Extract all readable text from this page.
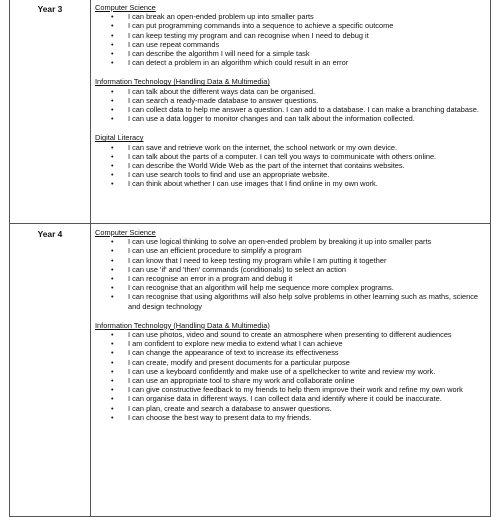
Year 3	Computer Science
• I can break an open-ended problem up into smaller parts
• I can put programming commands into a sequence to achieve a specific outcome
• I can keep testing my program and can recognise when I need to debug it
• I can use repeat commands
• I can describe the algorithm I will need for a simple task
• I can detect a problem in an algorithm which could result in an error
Information Technology (Handling Data & Multimedia)
• I can talk about the different ways data can be organised.
• I can search a ready-made database to answer questions.
• I can collect data to help me answer a question. I can add to a database. I can make a branching database.
• I can use a data logger to monitor changes and can talk about the information collected.
Digital Literacy
• I can save and retrieve work on the internet, the school network or my own device.
• I can talk about the parts of a computer. I can tell you ways to communicate with others online.
• I can describe the World Wide Web as the part of the internet that contains websites.
• I can use search tools to find and use an appropriate website.
• I can think about whether I can use images that I find online in my own work.
Year 4	Computer Science
• I can use logical thinking to solve an open-ended problem by breaking it up into smaller parts
• I can use an efficient procedure to simplify a program
• I can know that I need to keep testing my program while I am putting it together
• I can use 'if' and 'then' commands (conditionals) to select an action
• I can recognise an error in a program and debug it
• I can recognise that an algorithm will help me sequence more complex programs.
• I can recognise that using algorithms will also help solve problems in other learning such as maths, science and design technology
Information Technology (Handling Data & Multimedia)
• I can use photos, video and sound to create an atmosphere when presenting to different audiences
• I am confident to explore new media to extend what I can achieve
• I can change the appearance of text to increase its effectiveness
• I can create, modify and present documents for a particular purpose
• I can use a keyboard confidently and make use of a spellchecker to write and review my work.
• I can use an appropriate tool to share my work and collaborate online
• I can give constructive feedback to my friends to help them improve their work and refine my own work
• I can organise data in different ways. I can collect data and identify where it could be inaccurate.
• I can plan, create and search a database to answer questions.
• I can choose the best way to present data to my friends.
